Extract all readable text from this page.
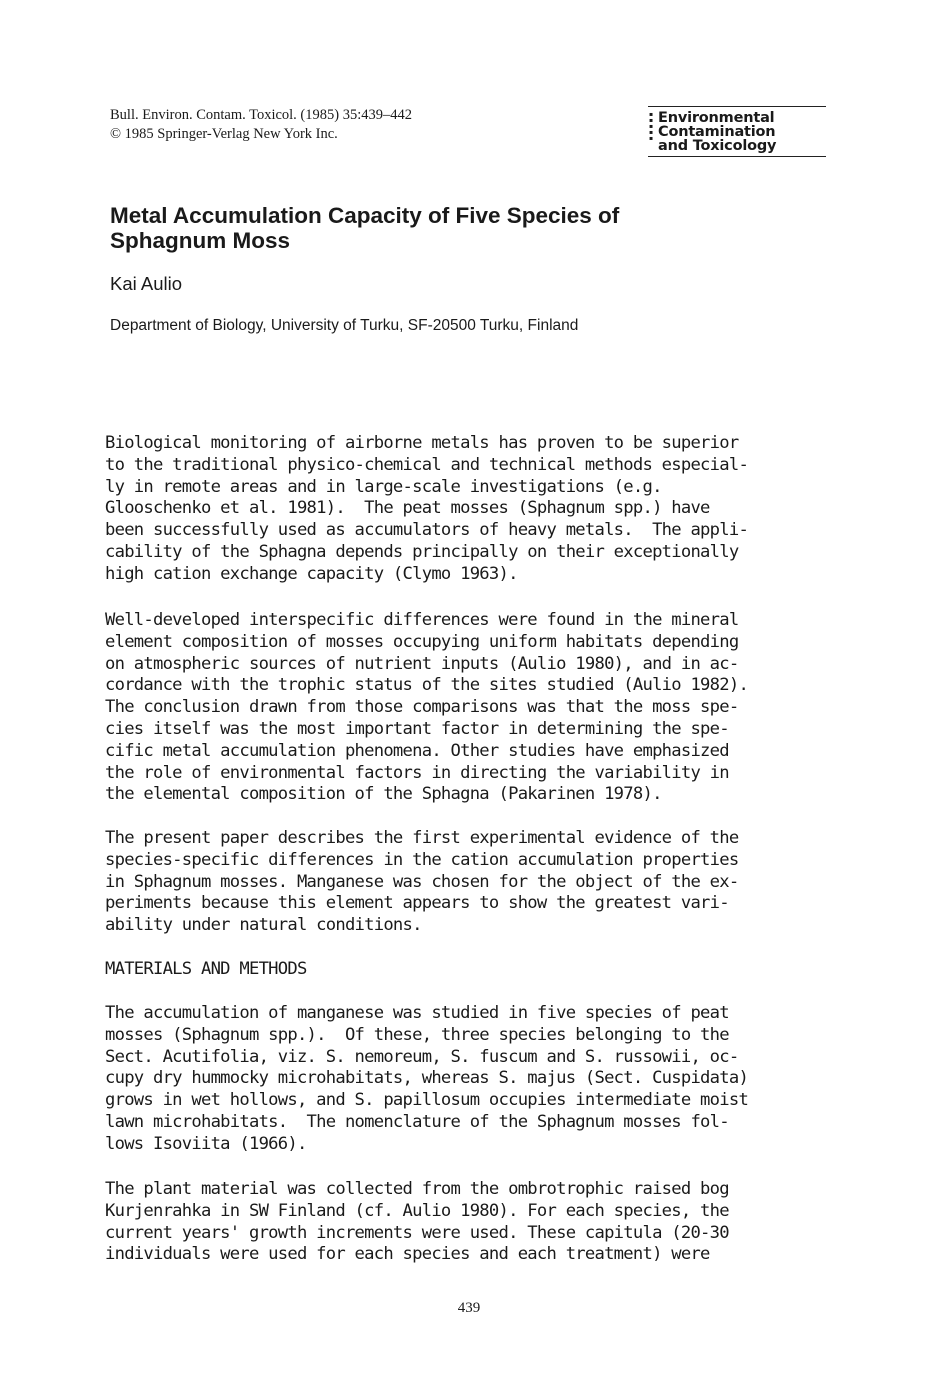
Bull. Environ. Contam. Toxicol. (1985) 35:439–442
© 1985 Springer-Verlag New York Inc.
▪
▪
▪
▪
▪
Environmental
Contamination
and Toxicology
Metal Accumulation Capacity of Five Species of
Sphagnum Moss
Kai Aulio
Department of Biology, University of Turku, SF-20500 Turku, Finland
Biological monitoring of airborne metals has proven to be superior
to the traditional physico-chemical and technical methods especial-
ly in remote areas and in large-scale investigations (e.g.
Glooschenko et al. 1981).  The peat mosses (Sphagnum spp.) have
been successfully used as accumulators of heavy metals.  The appli-
cability of the Sphagna depends principally on their exceptionally
high cation exchange capacity (Clymo 1963).
Well-developed interspecific differences were found in the mineral
element composition of mosses occupying uniform habitats depending
on atmospheric sources of nutrient inputs (Aulio 1980), and in ac-
cordance with the trophic status of the sites studied (Aulio 1982).
The conclusion drawn from those comparisons was that the moss spe-
cies itself was the most important factor in determining the spe-
cific metal accumulation phenomena. Other studies have emphasized
the role of environmental factors in directing the variability in
the elemental composition of the Sphagna (Pakarinen 1978).
The present paper describes the first experimental evidence of the
species-specific differences in the cation accumulation properties
in Sphagnum mosses. Manganese was chosen for the object of the ex-
periments because this element appears to show the greatest vari-
ability under natural conditions.
MATERIALS AND METHODS
The accumulation of manganese was studied in five species of peat
mosses (Sphagnum spp.).  Of these, three species belonging to the
Sect. Acutifolia, viz. S. nemoreum, S. fuscum and S. russowii, oc-
cupy dry hummocky microhabitats, whereas S. majus (Sect. Cuspidata)
grows in wet hollows, and S. papillosum occupies intermediate moist
lawn microhabitats.  The nomenclature of the Sphagnum mosses fol-
lows Isoviita (1966).
The plant material was collected from the ombrotrophic raised bog
Kurjenrahka in SW Finland (cf. Aulio 1980). For each species, the
current years' growth increments were used. These capitula (20-30
individuals were used for each species and each treatment) were
439
